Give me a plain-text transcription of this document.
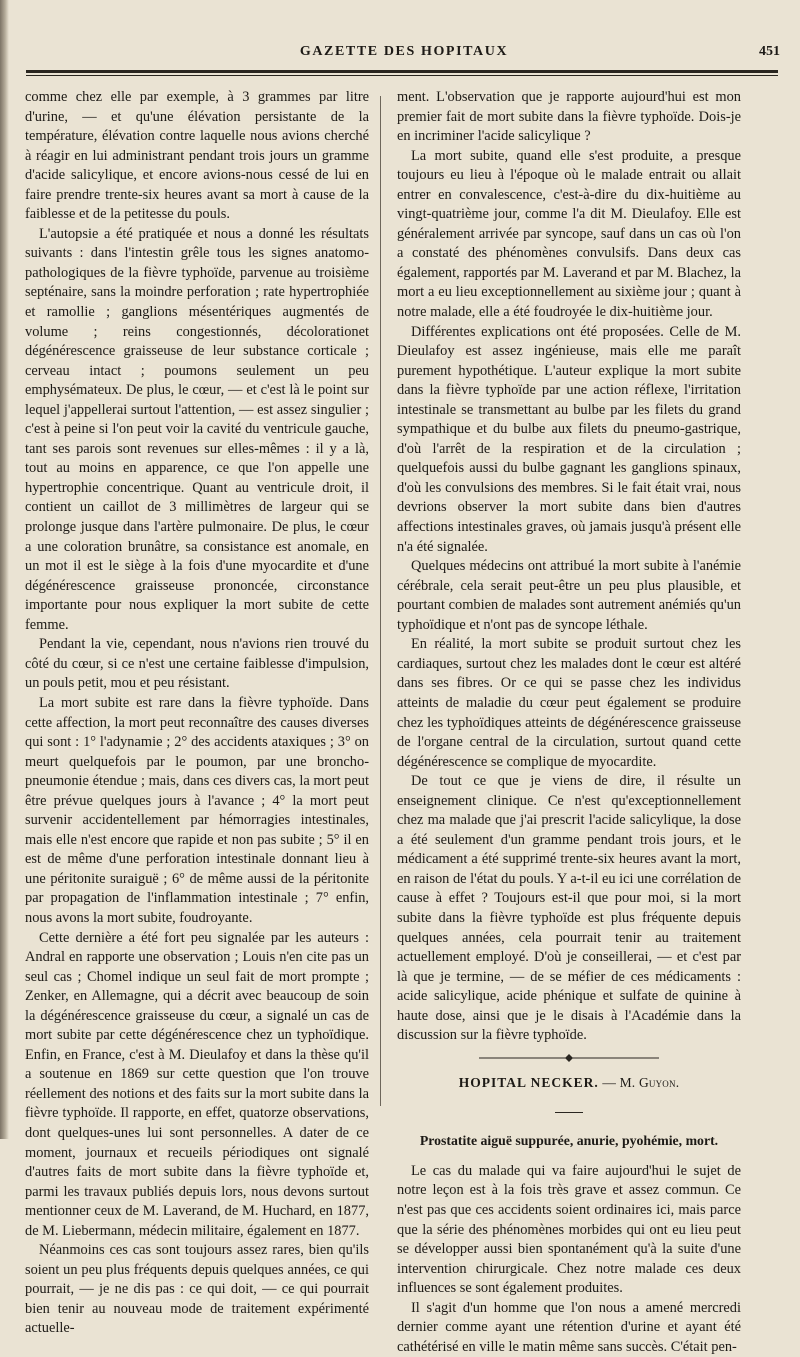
GAZETTE DES HOPITAUX	451

comme chez elle par exemple, à 3 grammes par litre d'urine, — et qu'une élévation persistante de la température, élévation contre laquelle nous avions cherché à réagir en lui administrant pendant trois jours un gramme d'acide salicylique, et encore avions-nous cessé de lui en faire prendre trente-six heures avant sa mort à cause de la faiblesse et de la petitesse du pouls.

L'autopsie a été pratiquée et nous a donné les résultats suivants : dans l'intestin grêle tous les signes anatomo-pathologiques de la fièvre typhoïde, parvenue au troisième septénaire, sans la moindre perforation ; rate hypertrophiée et ramollie ; ganglions mésentériques augmentés de volume ; reins congestionnés, décolorationet dégénérescence graisseuse de leur substance corticale ; cerveau intact ; poumons seulement un peu emphysémateux. De plus, le cœur, — et c'est là le point sur lequel j'appellerai surtout l'attention, — est assez singulier ; c'est à peine si l'on peut voir la cavité du ventricule gauche, tant ses parois sont revenues sur elles-mêmes : il y a là, tout au moins en apparence, ce que l'on appelle une hypertrophie concentrique. Quant au ventricule droit, il contient un caillot de 3 millimètres de largeur qui se prolonge jusque dans l'artère pulmonaire. De plus, le cœur a une coloration brunâtre, sa consistance est anomale, en un mot il est le siège à la fois d'une myocardite et d'une dégénérescence graisseuse prononcée, circonstance importante pour nous expliquer la mort subite de cette femme.

Pendant la vie, cependant, nous n'avions rien trouvé du côté du cœur, si ce n'est une certaine faiblesse d'impulsion, un pouls petit, mou et peu résistant.

La mort subite est rare dans la fièvre typhoïde. Dans cette affection, la mort peut reconnaître des causes diverses qui sont : 1° l'adynamie ; 2° des accidents ataxiques ; 3° on meurt quelquefois par le poumon, par une broncho-pneumonie étendue ; mais, dans ces divers cas, la mort peut être prévue quelques jours à l'avance ; 4° la mort peut survenir accidentellement par hémorragies intestinales, mais elle n'est encore que rapide et non pas subite ; 5° il en est de même d'une perforation intestinale donnant lieu à une péritonite suraiguë ; 6° de même aussi de la péritonite par propagation de l'inflammation intestinale ; 7° enfin, nous avons la mort subite, foudroyante.

Cette dernière a été fort peu signalée par les auteurs : Andral en rapporte une observation ; Louis n'en cite pas un seul cas ; Chomel indique un seul fait de mort prompte ; Zenker, en Allemagne, qui a décrit avec beaucoup de soin la dégénérescence graisseuse du cœur, a signalé un cas de mort subite par cette dégénérescence chez un typhoïdique. Enfin, en France, c'est à M. Dieulafoy et dans la thèse qu'il a soutenue en 1869 sur cette question que l'on trouve réellement des notions et des faits sur la mort subite dans la fièvre typhoïde. Il rapporte, en effet, quatorze observations, dont quelques-unes lui sont personnelles. A dater de ce moment, journaux et recueils périodiques ont signalé d'autres faits de mort subite dans la fièvre typhoïde et, parmi les travaux publiés depuis lors, nous devons surtout mentionner ceux de M. Laverand, de M. Huchard, en 1877, de M. Liebermann, médecin militaire, également en 1877.

Néanmoins ces cas sont toujours assez rares, bien qu'ils soient un peu plus fréquents depuis quelques années, ce qui pourrait, — je ne dis pas : ce qui doit, — ce qui pourrait bien tenir au nouveau mode de traitement expérimenté actuelle-

ment. L'observation que je rapporte aujourd'hui est mon premier fait de mort subite dans la fièvre typhoïde. Dois-je en incriminer l'acide salicylique ?

La mort subite, quand elle s'est produite, a presque toujours eu lieu à l'époque où le malade entrait ou allait entrer en convalescence, c'est-à-dire du dix-huitième au vingt-quatrième jour, comme l'a dit M. Dieulafoy. Elle est généralement arrivée par syncope, sauf dans un cas où l'on a constaté des phénomènes convulsifs. Dans deux cas également, rapportés par M. Laverand et par M. Blachez, la mort a eu lieu exceptionnellement au sixième jour ; quant à notre malade, elle a été foudroyée le dix-huitième jour.

Différentes explications ont été proposées. Celle de M. Dieulafoy est assez ingénieuse, mais elle me paraît purement hypothétique. L'auteur explique la mort subite dans la fièvre typhoïde par une action réflexe, l'irritation intestinale se transmettant au bulbe par les filets du grand sympathique et du bulbe aux filets du pneumo-gastrique, d'où l'arrêt de la respiration et de la circulation ; quelquefois aussi du bulbe gagnant les ganglions spinaux, d'où les convulsions des membres. Si le fait était vrai, nous devrions observer la mort subite dans bien d'autres affections intestinales graves, où jamais jusqu'à présent elle n'a été signalée.

Quelques médecins ont attribué la mort subite à l'anémie cérébrale, cela serait peut-être un peu plus plausible, et pourtant combien de malades sont autrement anémiés qu'un typhoïdique et n'ont pas de syncope léthale.

En réalité, la mort subite se produit surtout chez les cardiaques, surtout chez les malades dont le cœur est altéré dans ses fibres. Or ce qui se passe chez les individus atteints de maladie du cœur peut également se produire chez les typhoïdiques atteints de dégénérescence graisseuse de l'organe central de la circulation, surtout quand cette dégénérescence se complique de myocardite.

De tout ce que je viens de dire, il résulte un enseignement clinique. Ce n'est qu'exceptionnellement chez ma malade que j'ai prescrit l'acide salicylique, la dose a été seulement d'un gramme pendant trois jours, et le médicament a été supprimé trente-six heures avant la mort, en raison de l'état du pouls. Y a-t-il eu ici une corrélation de cause à effet ? Toujours est-il que pour moi, si la mort subite dans la fièvre typhoïde est plus fréquente depuis quelques années, cela pourrait tenir au traitement actuellement employé. D'où je conseillerai, — et c'est par là que je termine, — de se méfier de ces médicaments : acide salicylique, acide phénique et sulfate de quinine à haute dose, ainsi que je le disais à l'Académie dans la discussion sur la fièvre typhoïde.

HOPITAL NECKER. — M. Guyon.
Prostatite aiguë suppurée, anurie, pyohémie, mort.

Le cas du malade qui va faire aujourd'hui le sujet de notre leçon est à la fois très grave et assez commun. Ce n'est pas que ces accidents soient ordinaires ici, mais parce que la série des phénomènes morbides qui ont eu lieu peut se développer aussi bien spontanément qu'à la suite d'une intervention chirurgicale. Chez notre malade ces deux influences se sont également produites.

Il s'agit d'un homme que l'on nous a amené mercredi dernier comme ayant une rétention d'urine et ayant été cathétérisé en ville le matin même sans succès. C'était pen-
